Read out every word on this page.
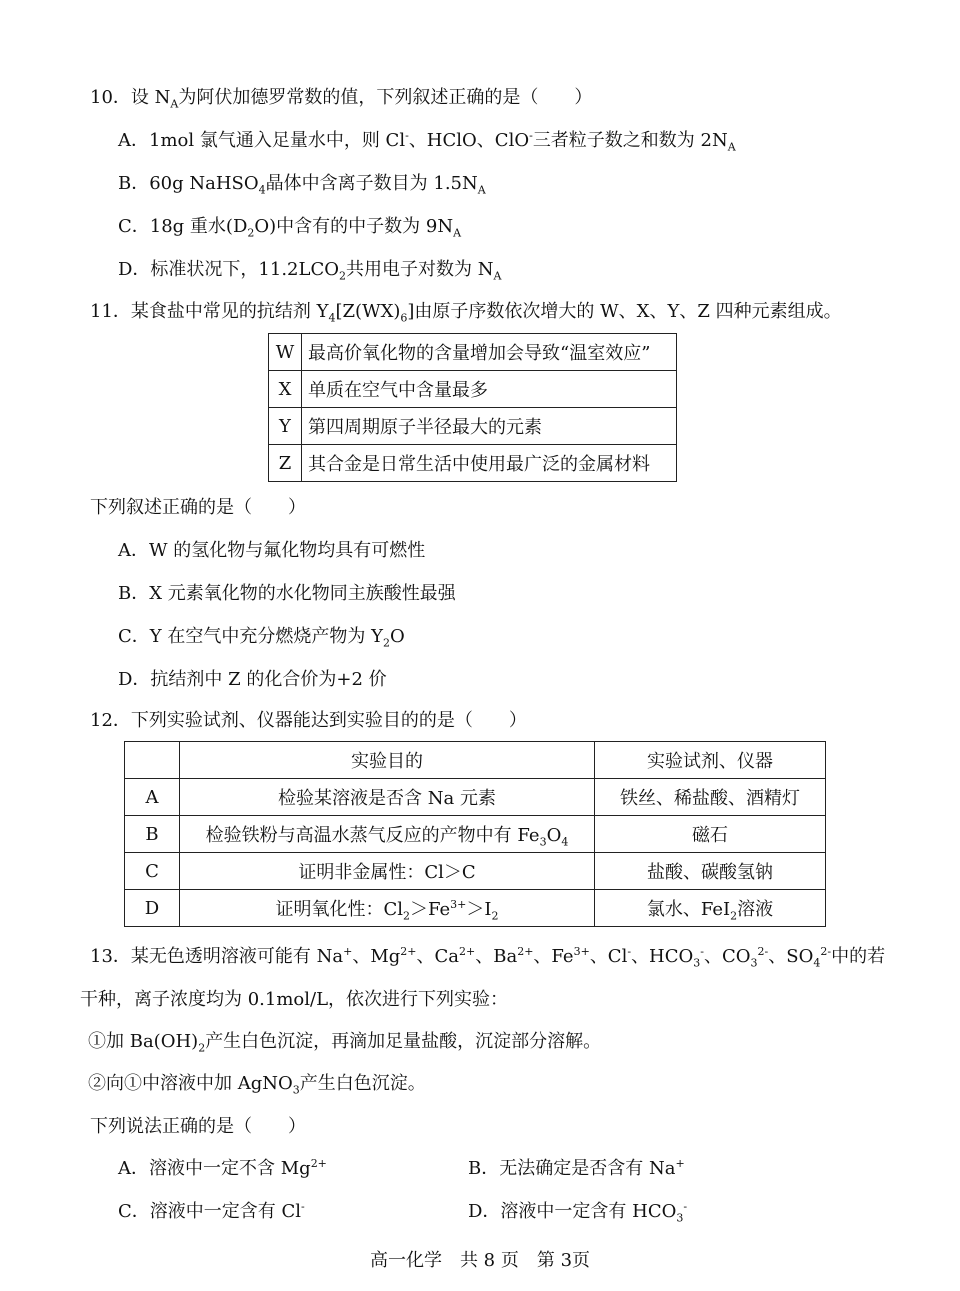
10．设 $N_A$为阿伏加德罗常数的值，下列叙述正确的是（　　）
A．1mol 氯气通入足量水中，则 Cl-、HClO、ClO-三者粒子数之和数为 $2N_A$
B．60g NaHSO$_4$晶体中含离子数目为 $1.5N_A$
C．18g 重水$(D_2O)$中含有的中子数为 $9N_A$
D．标准状况下，$11.2LCO_2$共用电子对数为 $N_A$
11．某食盐中常见的抗结剂 $Y_4[Z(WX)_6]$由原子序数依次增大的 W、X、Y、Z 四种元素组成。
W	最高价氧化物的含量增加会导致“温室效应”
X	单质在空气中含量最多
Y	第四周期原子半径最大的元素
Z	其合金是日常生活中使用最广泛的金属材料
下列叙述正确的是（　　）
A．W 的氢化物与氟化物均具有可燃性
B．X 元素氧化物的水化物同主族酸性最强
C．Y 在空气中充分燃烧产物为 $Y_2O$
D．抗结剂中 Z 的化合价为+2 价
12．下列实验试剂、仪器能达到实验目的的是（　　）
	实验目的	实验试剂、仪器
A	检验某溶液是否含 Na 元素	铁丝、稀盐酸、酒精灯
B	检验铁粉与高温水蒸气反应的产物中有 $Fe_3O_4$	磁石
C	证明非金属性：Cl＞C	盐酸、碳酸氢钠
D	证明氧化性：$Cl_2>Fe^{3+}>I_2$	氯水、FeI$_2$溶液
13．某无色透明溶液可能有 Na+、$Mg^{2+}$、$Ca^{2+}$、$Ba^{2+}$、$Fe^{3+}$、Cl-、$HCO_3^-$、$CO_3^{2-}$、$SO_4^{2-}$中的若
干种，离子浓度均为 0.1mol/L，依次进行下列实验：
①加 $Ba(OH)_2$产生白色沉淀，再滴加足量盐酸，沉淀部分溶解。
②向①中溶液中加 AgNO$_3$产生白色沉淀。
下列说法正确的是（　　）
A．溶液中一定不含 $Mg^{2+}$	B．无法确定是否含有 Na+
C．溶液中一定含有 Cl-	D．溶液中一定含有 $HCO_3^-$
高一化学　共 8 页　第 3页
